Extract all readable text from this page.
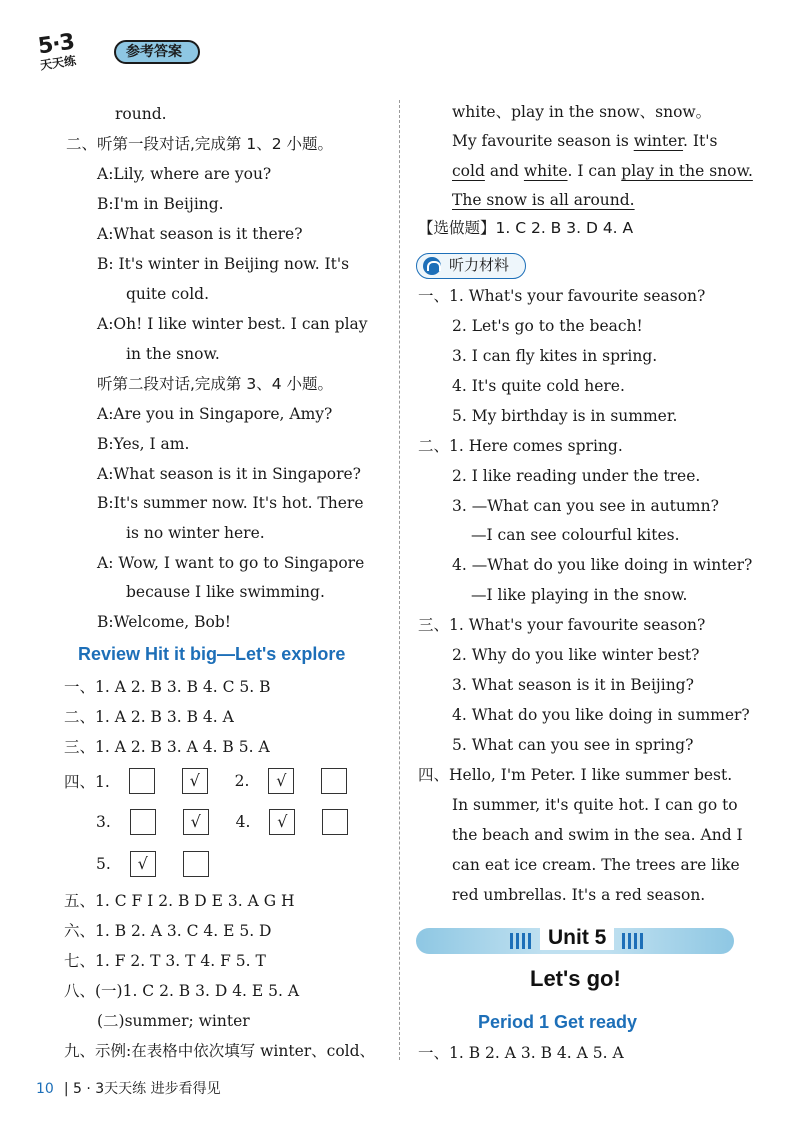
5·3
天天练
参考答案
round.
二、听第一段对话,完成第 1、2 小题。
A:Lily, where are you?
B:I'm in Beijing.
A:What season is it there?
B: It's winter in Beijing now. It's
quite cold.
A:Oh! I like winter best. I can play
in the snow.
听第二段对话,完成第 3、4 小题。
A:Are you in Singapore, Amy?
B:Yes, I am.
A:What season is it in Singapore?
B:It's summer now. It's hot. There
is no winter here.
A: Wow, I want to go to Singapore
because I like swimming.
B:Welcome, Bob!
Review Hit it big—Let's explore
一、1. A 2. B 3. B 4. C 5. B
二、1. A 2. B 3. B 4. A
三、1. A 2. B 3. A 4. B 5. A
四、1.	√ 2. √
3.	√ 4. √
5. √
五、1. C F I 2. B D E 3. A G H
六、1. B 2. A 3. C 4. E 5. D
七、1. F 2. T 3. T 4. F 5. T
八、(一)1. C 2. B 3. D 4. E 5. A
(二)summer; winter
九、示例:在表格中依次填写 winter、cold、
white、play in the snow、snow。
My favourite season is winter. It's
cold and white. I can play in the snow.
The snow is all around.
【选做题】1. C 2. B 3. D 4. A
听力材料
一、1. What's your favourite season?
2. Let's go to the beach!
3. I can fly kites in spring.
4. It's quite cold here.
5. My birthday is in summer.
二、1. Here comes spring.
2. I like reading under the tree.
3. —What can you see in autumn?
—I can see colourful kites.
4. —What do you like doing in winter?
—I like playing in the snow.
三、1. What's your favourite season?
2. Why do you like winter best?
3. What season is it in Beijing?
4. What do you like doing in summer?
5. What can you see in spring?
四、Hello, I'm Peter. I like summer best.
In summer, it's quite hot. I can go to
the beach and swim in the sea. And I
can eat ice cream. The trees are like
red umbrellas. It's a red season.
Unit 5
Let's go!
Period 1 Get ready
一、1. B 2. A 3. B 4. A 5. A
10 | 5 · 3天天练 进步看得见
